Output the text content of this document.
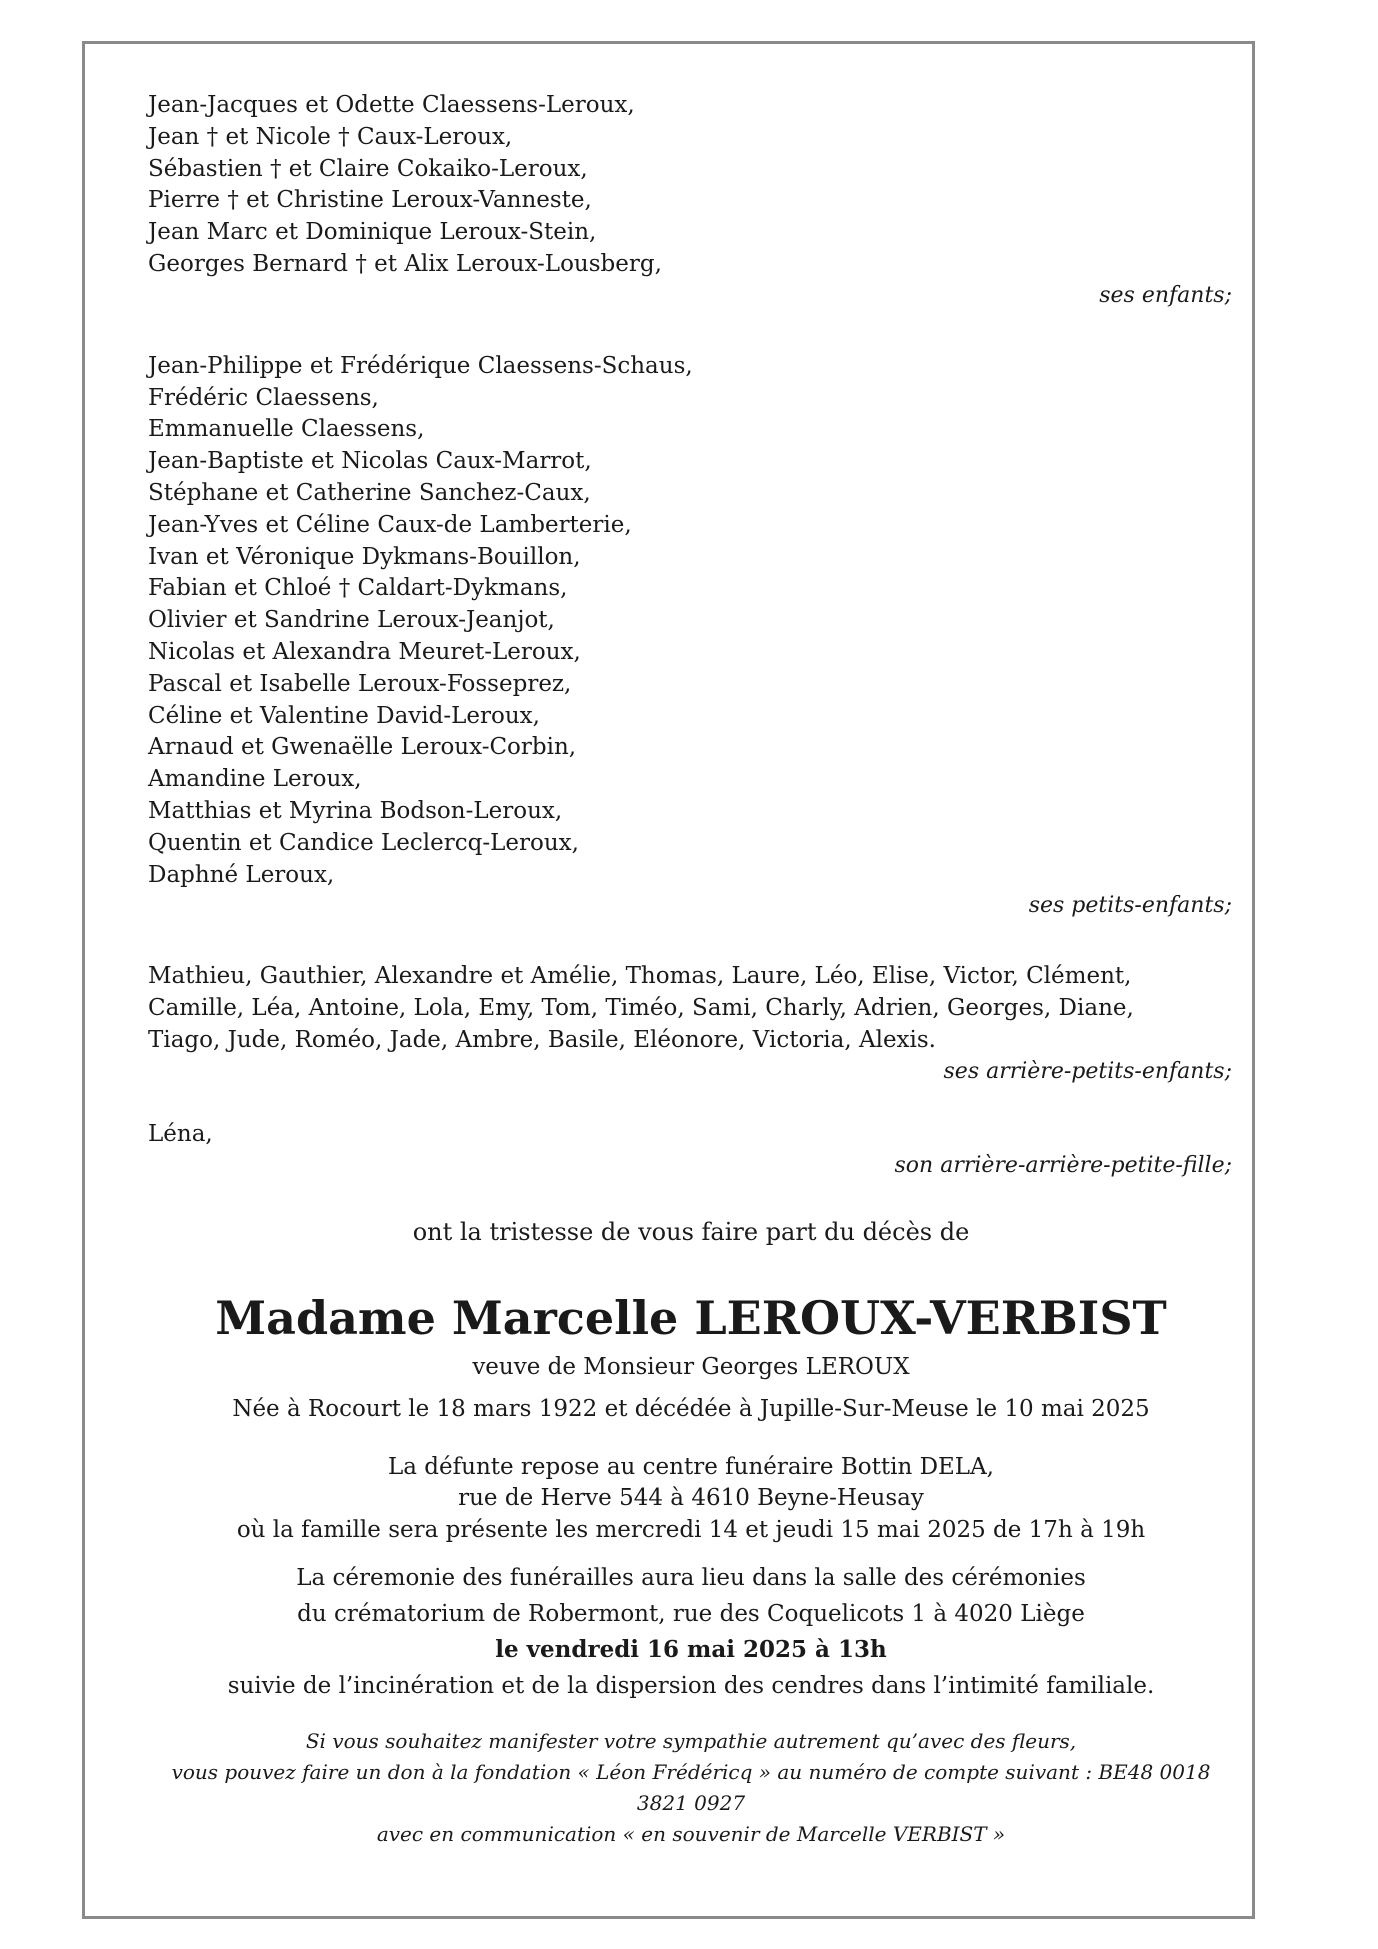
Jean-Jacques et Odette Claessens-Leroux,
Jean † et Nicole † Caux-Leroux,
Sébastien † et Claire Cokaiko-Leroux,
Pierre † et Christine Leroux-Vanneste,
Jean Marc et Dominique Leroux-Stein,
Georges Bernard † et Alix Leroux-Lousberg,
ses enfants;
Jean-Philippe et Frédérique Claessens-Schaus,
Frédéric Claessens,
Emmanuelle Claessens,
Jean-Baptiste et Nicolas Caux-Marrot,
Stéphane et Catherine Sanchez-Caux,
Jean-Yves et Céline Caux-de Lamberterie,
Ivan et Véronique Dykmans-Bouillon,
Fabian et Chloé † Caldart-Dykmans,
Olivier et Sandrine Leroux-Jeanjot,
Nicolas et Alexandra Meuret-Leroux,
Pascal et Isabelle Leroux-Fosseprez,
Céline et Valentine David-Leroux,
Arnaud et Gwenaëlle Leroux-Corbin,
Amandine Leroux,
Matthias et Myrina Bodson-Leroux,
Quentin et Candice Leclercq-Leroux,
Daphné Leroux,
ses petits-enfants;
Mathieu, Gauthier, Alexandre et Amélie, Thomas, Laure, Léo, Elise, Victor, Clément,
Camille, Léa, Antoine, Lola, Emy, Tom, Timéo, Sami, Charly, Adrien, Georges, Diane,
Tiago, Jude, Roméo, Jade, Ambre, Basile, Eléonore, Victoria, Alexis.
ses arrière-petits-enfants;
Léna,
son arrière-arrière-petite-fille;
ont la tristesse de vous faire part du décès de
Madame Marcelle LEROUX-VERBIST
veuve de Monsieur Georges LEROUX
Née à Rocourt le 18 mars 1922 et décédée à Jupille-Sur-Meuse le 10 mai 2025
La défunte repose au centre funéraire Bottin DELA,
rue de Herve 544 à 4610 Beyne-Heusay
où la famille sera présente les mercredi 14 et jeudi 15 mai 2025 de 17h à 19h
La céremonie des funérailles aura lieu dans la salle des cérémonies
du crématorium de Robermont, rue des Coquelicots 1 à 4020 Liège
le vendredi 16 mai 2025 à 13h
suivie de l’incinération et de la dispersion des cendres dans l’intimité familiale.
Si vous souhaitez manifester votre sympathie autrement qu’avec des fleurs,
vous pouvez faire un don à la fondation « Léon Frédéricq » au numéro de compte suivant : BE48 0018 3821 0927
avec en communication « en souvenir de Marcelle VERBIST »
